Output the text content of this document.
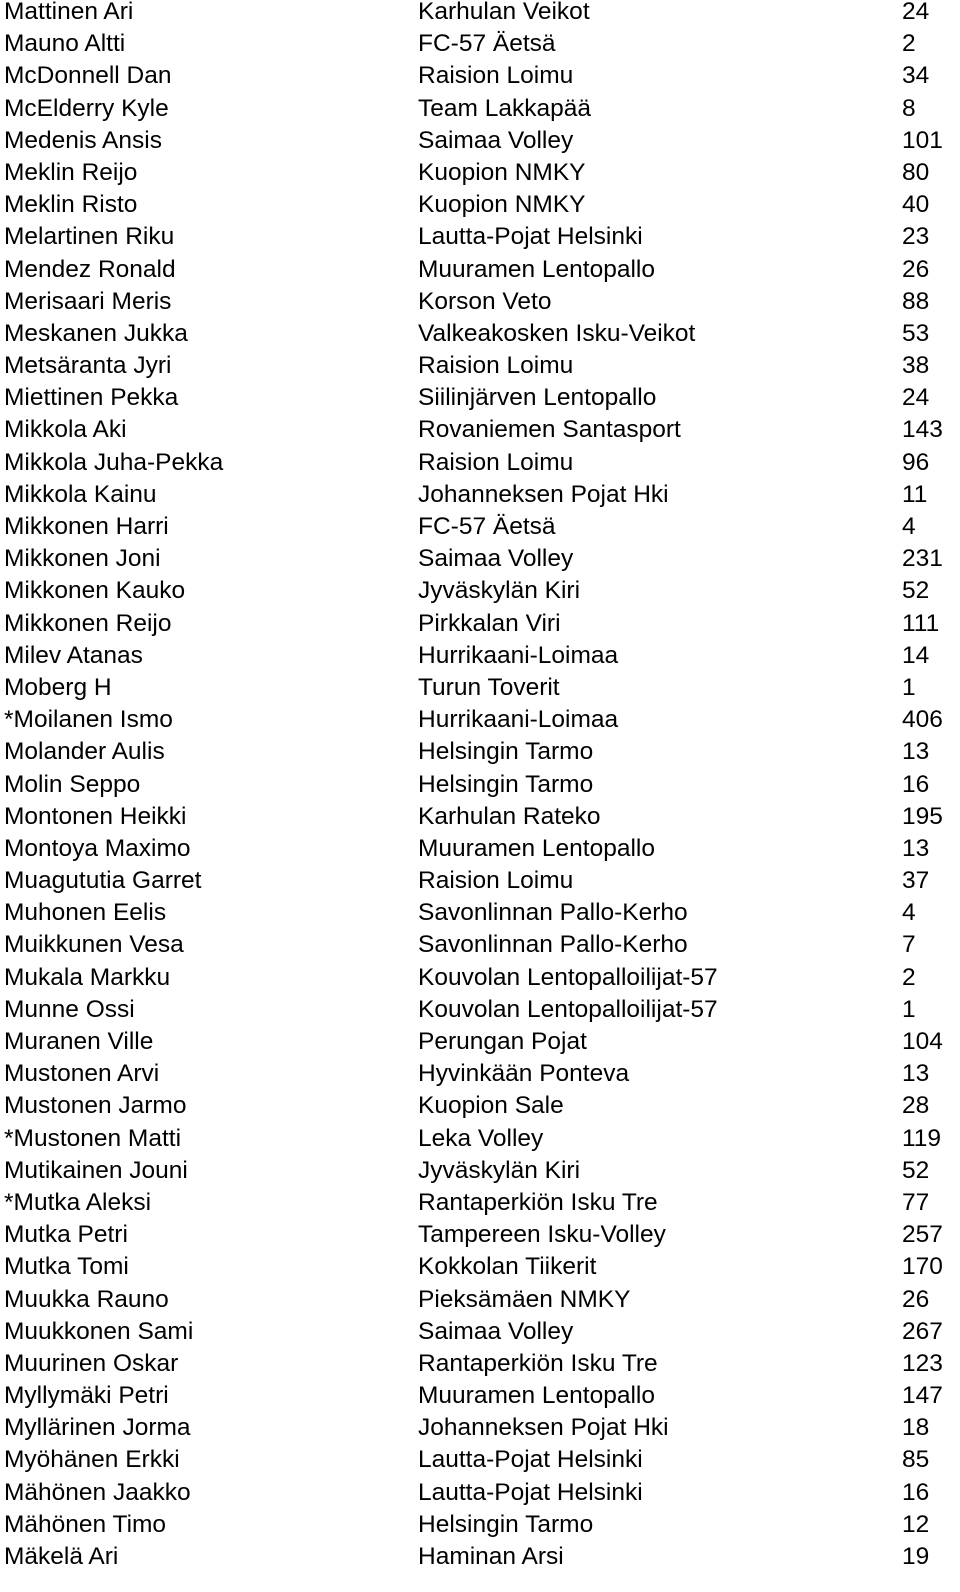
Mattinen Ari	Karhulan Veikot	24
Mauno Altti	FC-57 Äetsä	2
McDonnell Dan	Raision Loimu	34
McElderry Kyle	Team Lakkapää	8
Medenis Ansis	Saimaa Volley	101
Meklin Reijo	Kuopion NMKY	80
Meklin Risto	Kuopion NMKY	40
Melartinen Riku	Lautta-Pojat Helsinki	23
Mendez Ronald	Muuramen Lentopallo	26
Merisaari Meris	Korson Veto	88
Meskanen Jukka	Valkeakosken Isku-Veikot	53
Metsäranta Jyri	Raision Loimu	38
Miettinen Pekka	Siilinjärven Lentopallo	24
Mikkola Aki	Rovaniemen Santasport	143
Mikkola Juha-Pekka	Raision Loimu	96
Mikkola Kainu	Johanneksen Pojat Hki	11
Mikkonen Harri	FC-57 Äetsä	4
Mikkonen Joni	Saimaa Volley	231
Mikkonen Kauko	Jyväskylän Kiri	52
Mikkonen Reijo	Pirkkalan Viri	111
Milev Atanas	Hurrikaani-Loimaa	14
Moberg H	Turun Toverit	1
*Moilanen Ismo	Hurrikaani-Loimaa	406
Molander Aulis	Helsingin Tarmo	13
Molin Seppo	Helsingin Tarmo	16
Montonen Heikki	Karhulan Rateko	195
Montoya Maximo	Muuramen Lentopallo	13
Muagututia Garret	Raision Loimu	37
Muhonen Eelis	Savonlinnan Pallo-Kerho	4
Muikkunen Vesa	Savonlinnan Pallo-Kerho	7
Mukala Markku	Kouvolan Lentopalloilijat-57	2
Munne Ossi	Kouvolan Lentopalloilijat-57	1
Muranen Ville	Perungan Pojat	104
Mustonen Arvi	Hyvinkään Ponteva	13
Mustonen Jarmo	Kuopion Sale	28
*Mustonen Matti	Leka Volley	119
Mutikainen Jouni	Jyväskylän Kiri	52
*Mutka Aleksi	Rantaperkiön Isku Tre	77
Mutka Petri	Tampereen Isku-Volley	257
Mutka Tomi	Kokkolan Tiikerit	170
Muukka Rauno	Pieksämäen NMKY	26
Muukkonen Sami	Saimaa Volley	267
Muurinen Oskar	Rantaperkiön Isku Tre	123
Myllymäki Petri	Muuramen Lentopallo	147
Myllärinen Jorma	Johanneksen Pojat Hki	18
Myöhänen Erkki	Lautta-Pojat Helsinki	85
Mähönen Jaakko	Lautta-Pojat Helsinki	16
Mähönen Timo	Helsingin Tarmo	12
Mäkelä Ari	Haminan Arsi	19
